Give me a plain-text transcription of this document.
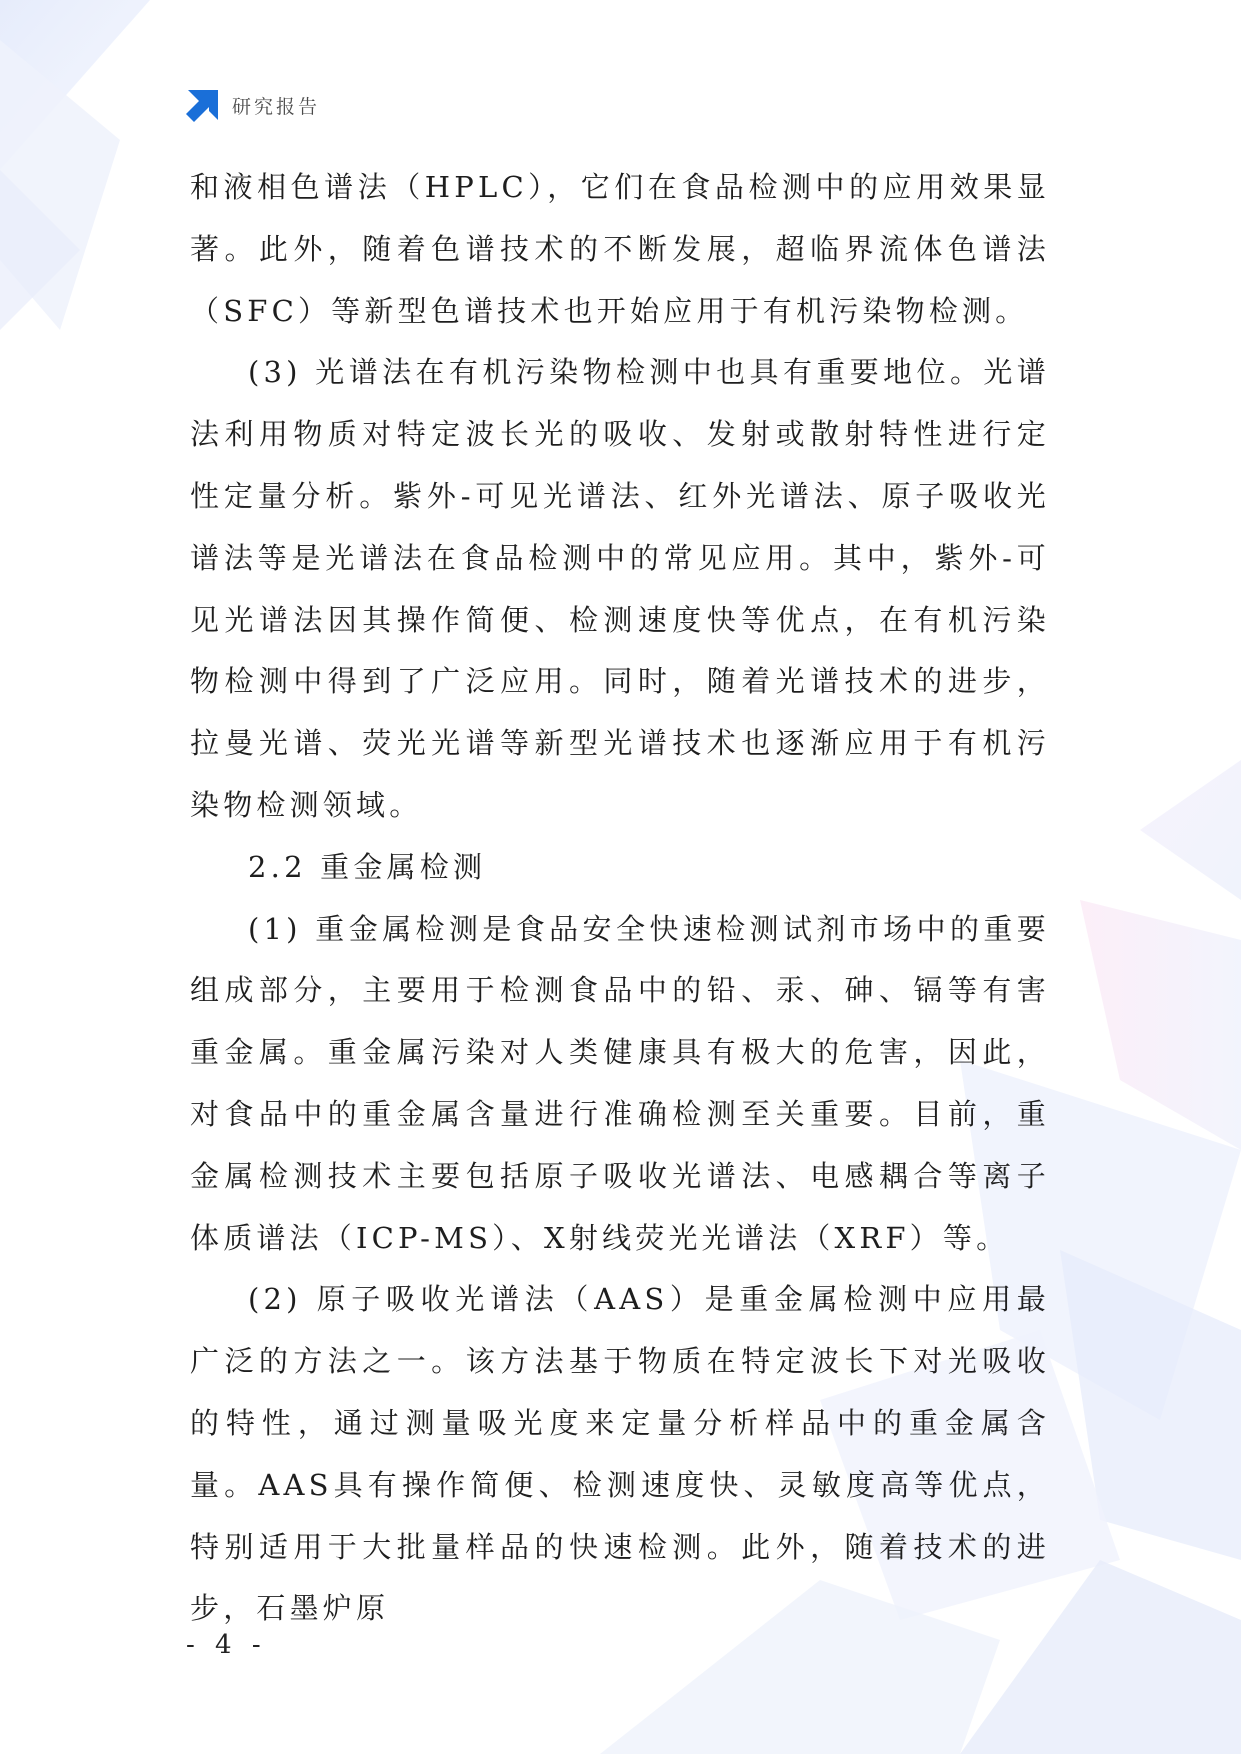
研究报告

和液相色谱法（HPLC），它们在食品检测中的应用效果显著。此外，随着色谱技术的不断发展，超临界流体色谱法（SFC）等新型色谱技术也开始应用于有机污染物检测。

(3) 光谱法在有机污染物检测中也具有重要地位。光谱法利用物质对特定波长光的吸收、发射或散射特性进行定性定量分析。紫外-可见光谱法、红外光谱法、原子吸收光谱法等是光谱法在食品检测中的常见应用。其中，紫外-可见光谱法因其操作简便、检测速度快等优点，在有机污染物检测中得到了广泛应用。同时，随着光谱技术的进步，拉曼光谱、荧光光谱等新型光谱技术也逐渐应用于有机污染物检测领域。

2.2 重金属检测

(1) 重金属检测是食品安全快速检测试剂市场中的重要组成部分，主要用于检测食品中的铅、汞、砷、镉等有害重金属。重金属污染对人类健康具有极大的危害，因此，对食品中的重金属含量进行准确检测至关重要。目前，重金属检测技术主要包括原子吸收光谱法、电感耦合等离子体质谱法（ICP-MS）、X射线荧光光谱法（XRF）等。

(2) 原子吸收光谱法（AAS）是重金属检测中应用最广泛的方法之一。该方法基于物质在特定波长下对光吸收的特性，通过测量吸光度来定量分析样品中的重金属含量。AAS具有操作简便、检测速度快、灵敏度高等优点，特别适用于大批量样品的快速检测。此外，随着技术的进步，石墨炉原

- 4 -
